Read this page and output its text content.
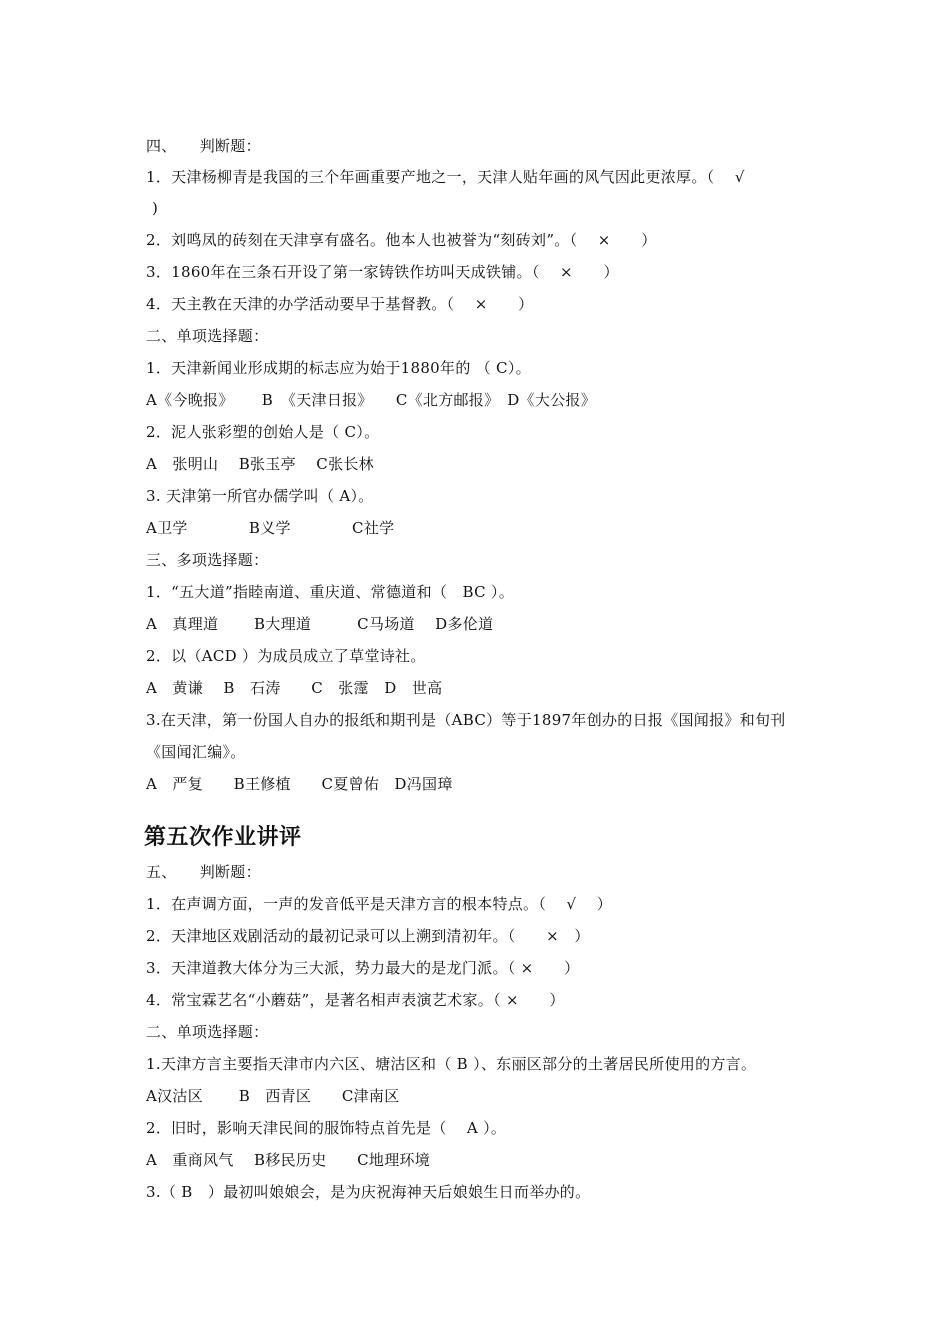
四、　　判断题：
1．天津杨柳青是我国的三个年画重要产地之一，天津人贴年画的风气因此更浓厚。（　 √
)
2．刘鸣凤的砖刻在天津享有盛名。他本人也被誉为“刻砖刘”。（　 ×　　）
3．1860年在三条石开设了第一家铸铁作坊叫天成铁铺。（　 ×　　）
4．天主教在天津的办学活动要早于基督教。（　 ×　　）
二、单项选择题：
1．天津新闻业形成期的标志应为始于1880年的 （ C）。
A《今晚报》　　 B　《天津日报》　　C《北方邮报》　D《大公报》
2．泥人张彩塑的创始人是（ C）。
A　张明山　 B张玉亭　 C张长林
3. 天津第一所官办儒学叫（ A）。
A卫学　　　　B义学　　　　C社学
三、多项选择题：
1．“五大道”指睦南道、重庆道、常德道和（　BC ）。
A　真理道　　 B大理道　　　C马场道　 D多伦道
2．以（ACD ）为成员成立了草堂诗社。
A　黄谦　 B　石涛　　C　张霪　D　世高
3.在天津，第一份国人自办的报纸和期刊是（ABC）等于1897年创办的日报《国闻报》和旬刊
《国闻汇编》。
A　严复　　B王修植　　C夏曾佑　D冯国璋
第五次作业讲评
五、　　判断题：
1．在声调方面，一声的发音低平是天津方言的根本特点。（　 √　 ）
2．天津地区戏剧活动的最初记录可以上溯到清初年。（　　×　）
3．天津道教大体分为三大派，势力最大的是龙门派。（ ×　　）
4．常宝霖艺名“小蘑菇”，是著名相声表演艺术家。（ ×　　）
二、单项选择题：
1.天津方言主要指天津市内六区、塘沽区和（ B ）、东丽区部分的土著居民所使用的方言。
A汉沽区　　 B　西青区　　C津南区
2．旧时，影响天津民间的服饰特点首先是（　 A ）。
A　重商风气　 B移民历史　　C地理环境
3.（ B　）最初叫娘娘会，是为庆祝海神天后娘娘生日而举办的。
